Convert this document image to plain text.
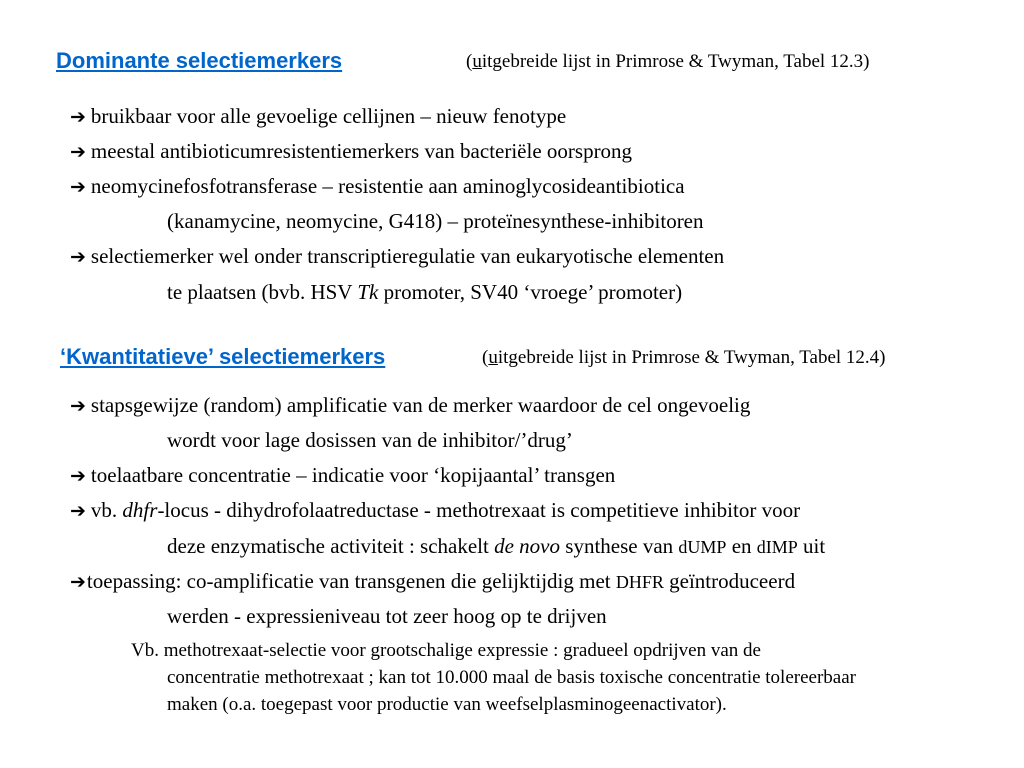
Dominante selectiemerkers	(uitgebreide lijst in Primrose & Twyman, Tabel 12.3)
➔ bruikbaar voor alle gevoelige cellijnen – nieuw fenotype
➔ meestal antibioticumresistentiemerkers van bacteriële oorsprong
➔ neomycinefosfotransferase – resistentie aan aminoglycosideantibiotica
(kanamycine, neomycine, G418) – proteïnesynthese-inhibitoren
➔ selectiemerker wel onder transcriptieregulatie van eukaryotische elementen
te plaatsen (bvb. HSV Tk promoter, SV40 ‘vroege’ promoter)
‘Kwantitatieve’ selectiemerkers	(uitgebreide lijst in Primrose & Twyman, Tabel 12.4)
➔ stapsgewijze (random) amplificatie van de merker waardoor de cel ongevoelig
wordt voor lage dosissen van de inhibitor/’drug’
➔ toelaatbare concentratie – indicatie voor ‘kopijaantal’ transgen
➔ vb. dhfr-locus - dihydrofolaatreductase - methotrexaat is competitieve inhibitor voor
deze enzymatische activiteit : schakelt de novo synthese van dUMP en dIMP uit
➔toepassing: co-amplificatie van transgenen die gelijktijdig met DHFR geïntroduceerd
werden - expressieniveau tot zeer hoog op te drijven
Vb. methotrexaat-selectie voor grootschalige expressie : gradueel opdrijven van de
concentratie methotrexaat ; kan tot 10.000 maal de basis toxische concentratie tolereerbaar
maken (o.a. toegepast voor productie van weefselplasminogeenactivator).
